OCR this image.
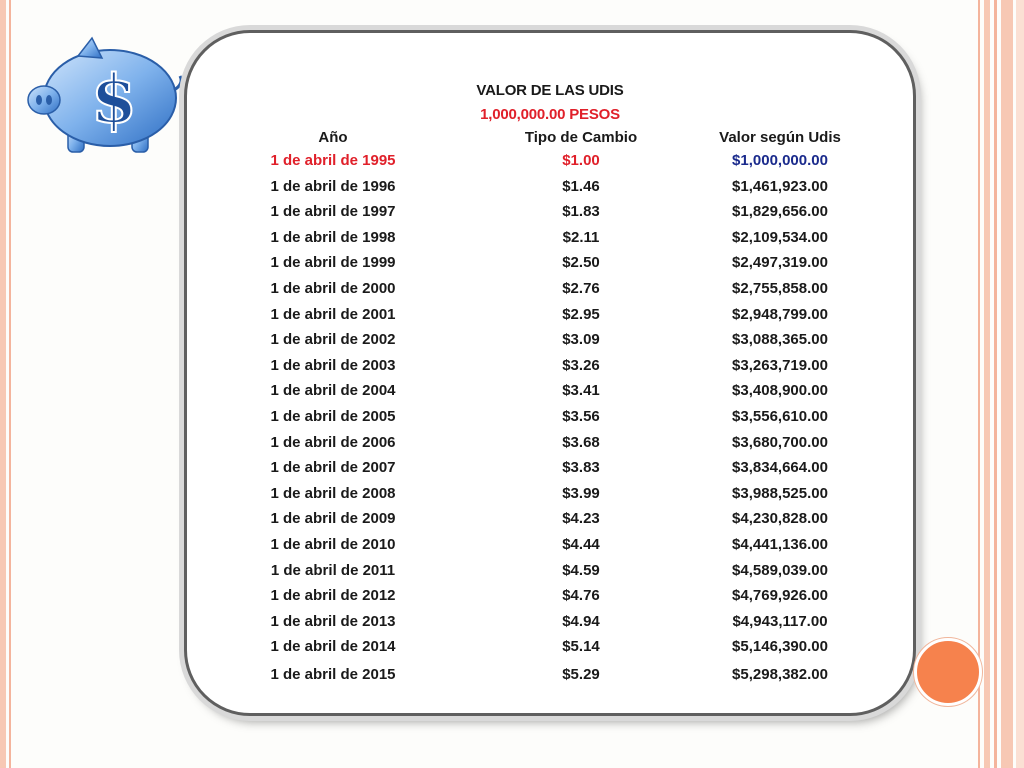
$	VALOR DE LAS UDIS
1,000,000.00 PESOS
Año	Tipo de Cambio	Valor según Udis
1 de abril de 1995	$1.00	$1,000,000.00
1 de abril de 1996	$1.46	$1,461,923.00
1 de abril de 1997	$1.83	$1,829,656.00
1 de abril de 1998	$2.11	$2,109,534.00
1 de abril de 1999	$2.50	$2,497,319.00
1 de abril de 2000	$2.76	$2,755,858.00
1 de abril de 2001	$2.95	$2,948,799.00
1 de abril de 2002	$3.09	$3,088,365.00
1 de abril de 2003	$3.26	$3,263,719.00
1 de abril de 2004	$3.41	$3,408,900.00
1 de abril de 2005	$3.56	$3,556,610.00
1 de abril de 2006	$3.68	$3,680,700.00
1 de abril de 2007	$3.83	$3,834,664.00
1 de abril de 2008	$3.99	$3,988,525.00
1 de abril de 2009	$4.23	$4,230,828.00
1 de abril de 2010	$4.44	$4,441,136.00
1 de abril de 2011	$4.59	$4,589,039.00
1 de abril de 2012	$4.76	$4,769,926.00
1 de abril de 2013	$4.94	$4,943,117.00
1 de abril de 2014	$5.14	$5,146,390.00
1 de abril de 2015	$5.29	$5,298,382.00
